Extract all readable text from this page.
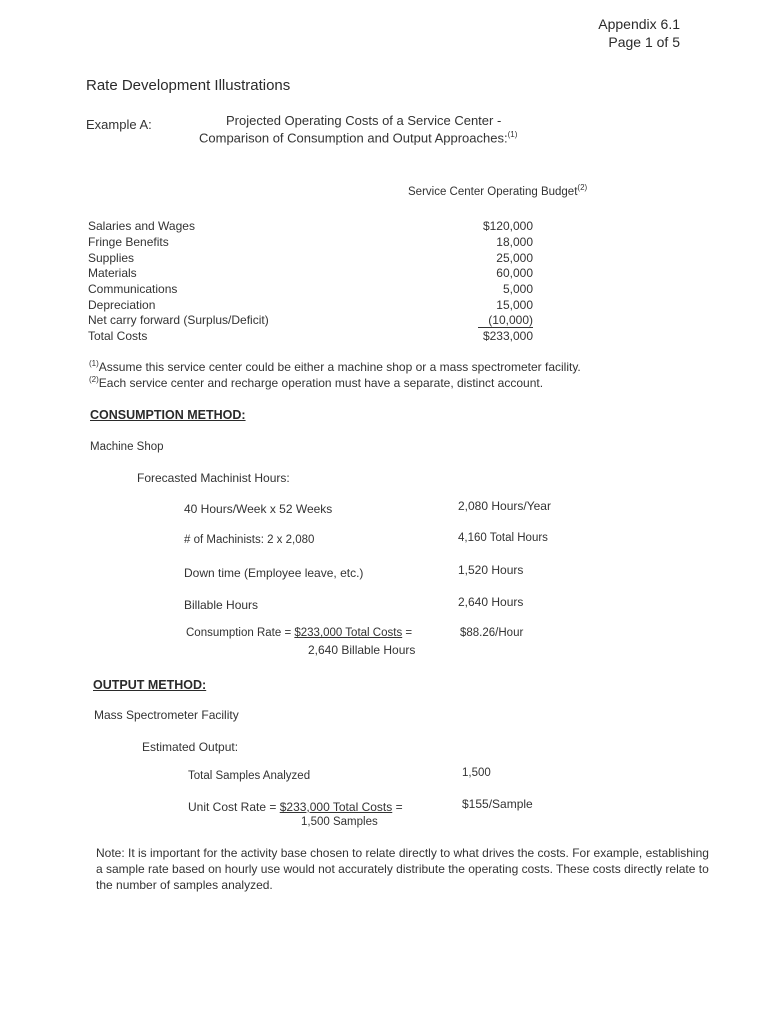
Appendix 6.1
Page 1 of 5
Rate Development Illustrations
Example A:	Projected Operating Costs of a Service Center -
Comparison of Consumption and Output Approaches:$^{(1)}$
Service Center Operating Budget$^{(2)}$
Salaries and Wages	$120,000
Fringe Benefits	18,000
Supplies	25,000
Materials	60,000
Communications	5,000
Depreciation	15,000
Net carry forward (Surplus/Deficit)	(10,000)
Total Costs	$233,000
$^{(1)}$Assume this service center could be either a machine shop or a mass spectrometer facility.
$^{(2)}$Each service center and recharge operation must have a separate, distinct account.
CONSUMPTION METHOD:
Machine Shop
Forecasted Machinist Hours:
40 Hours/Week x 52 Weeks	2,080 Hours/Year
# of Machinists: 2 x 2,080	4,160 Total Hours
Down time (Employee leave, etc.)	1,520 Hours
Billable Hours	2,640 Hours
Consumption Rate = $233,000 Total Costs =
2,640 Billable Hours
$88.26/Hour
OUTPUT METHOD:
Mass Spectrometer Facility
Estimated Output:
Total Samples Analyzed	1,500
Unit Cost Rate = $233,000 Total Costs =
1,500 Samples
$155/Sample
Note: It is important for the activity base chosen to relate directly to what drives the costs. For example, establishing a sample rate based on hourly use would not accurately distribute the operating costs. These costs directly relate to the number of samples analyzed.
